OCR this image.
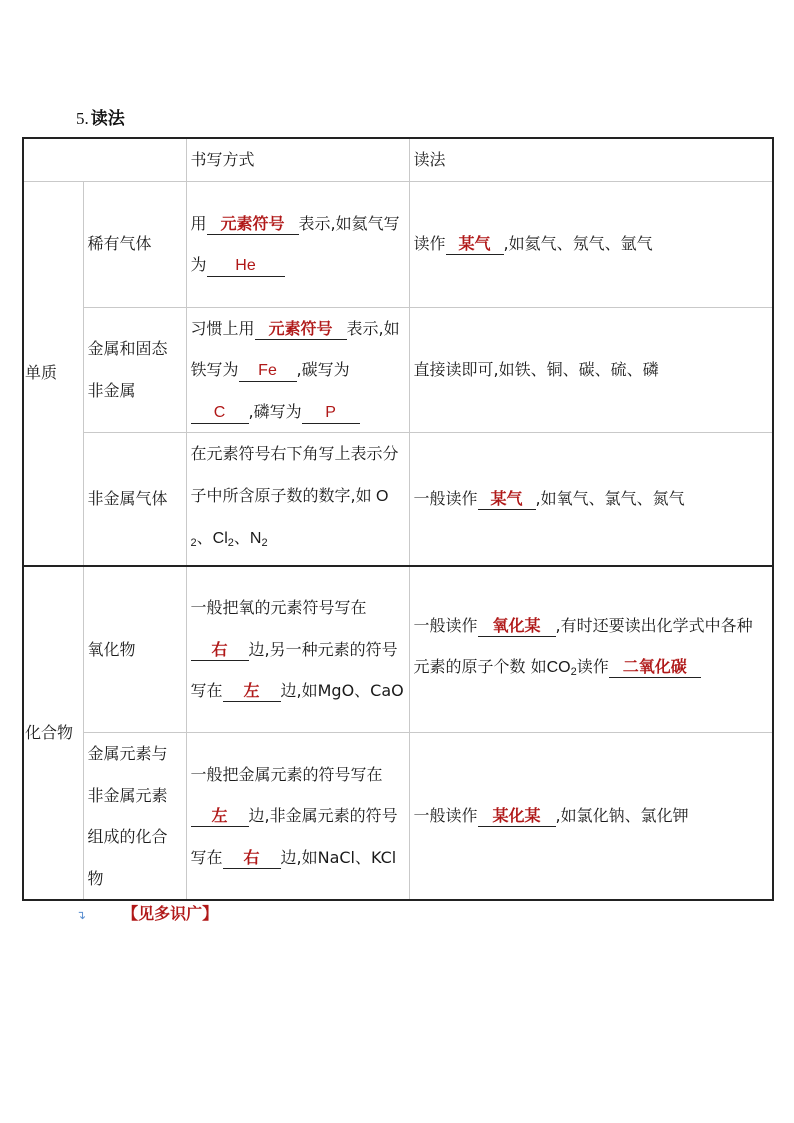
5. 读法
		书写方式	读法
单质	稀有气体	用 元素符号 表示,如氦气写为 He	读作 某气 ,如氦气、氖气、氩气
	金属和固态非金属	习惯上用 元素符号 表示,如铁写为 Fe ,碳写为C ,磷写为 P	直接读即可,如铁、铜、碳、硫、磷
	非金属气体	在元素符号右下角写上表示分子中所含原子数的数字,如 $O_2$、$Cl_2$、$N_2$	一般读作 某气 ,如氧气、氯气、氮气
化合物	氧化物	一般把氧的元素符号写在右 边,另一种元素的符号写在 左 边,如MgO、CaO	一般读作 氧化某 ,有时还要读出化学式中各种元素的原子个数 如$CO_2$读作 二氧化碳
	金属元素与非金属元素组成的化合物	一般把金属元素的符号写在左 边,非金属元素的符号写在 右 边,如NaCl、KCl	一般读作 某化某 ,如氯化钠、氯化钾
↴ 【见多识广】
